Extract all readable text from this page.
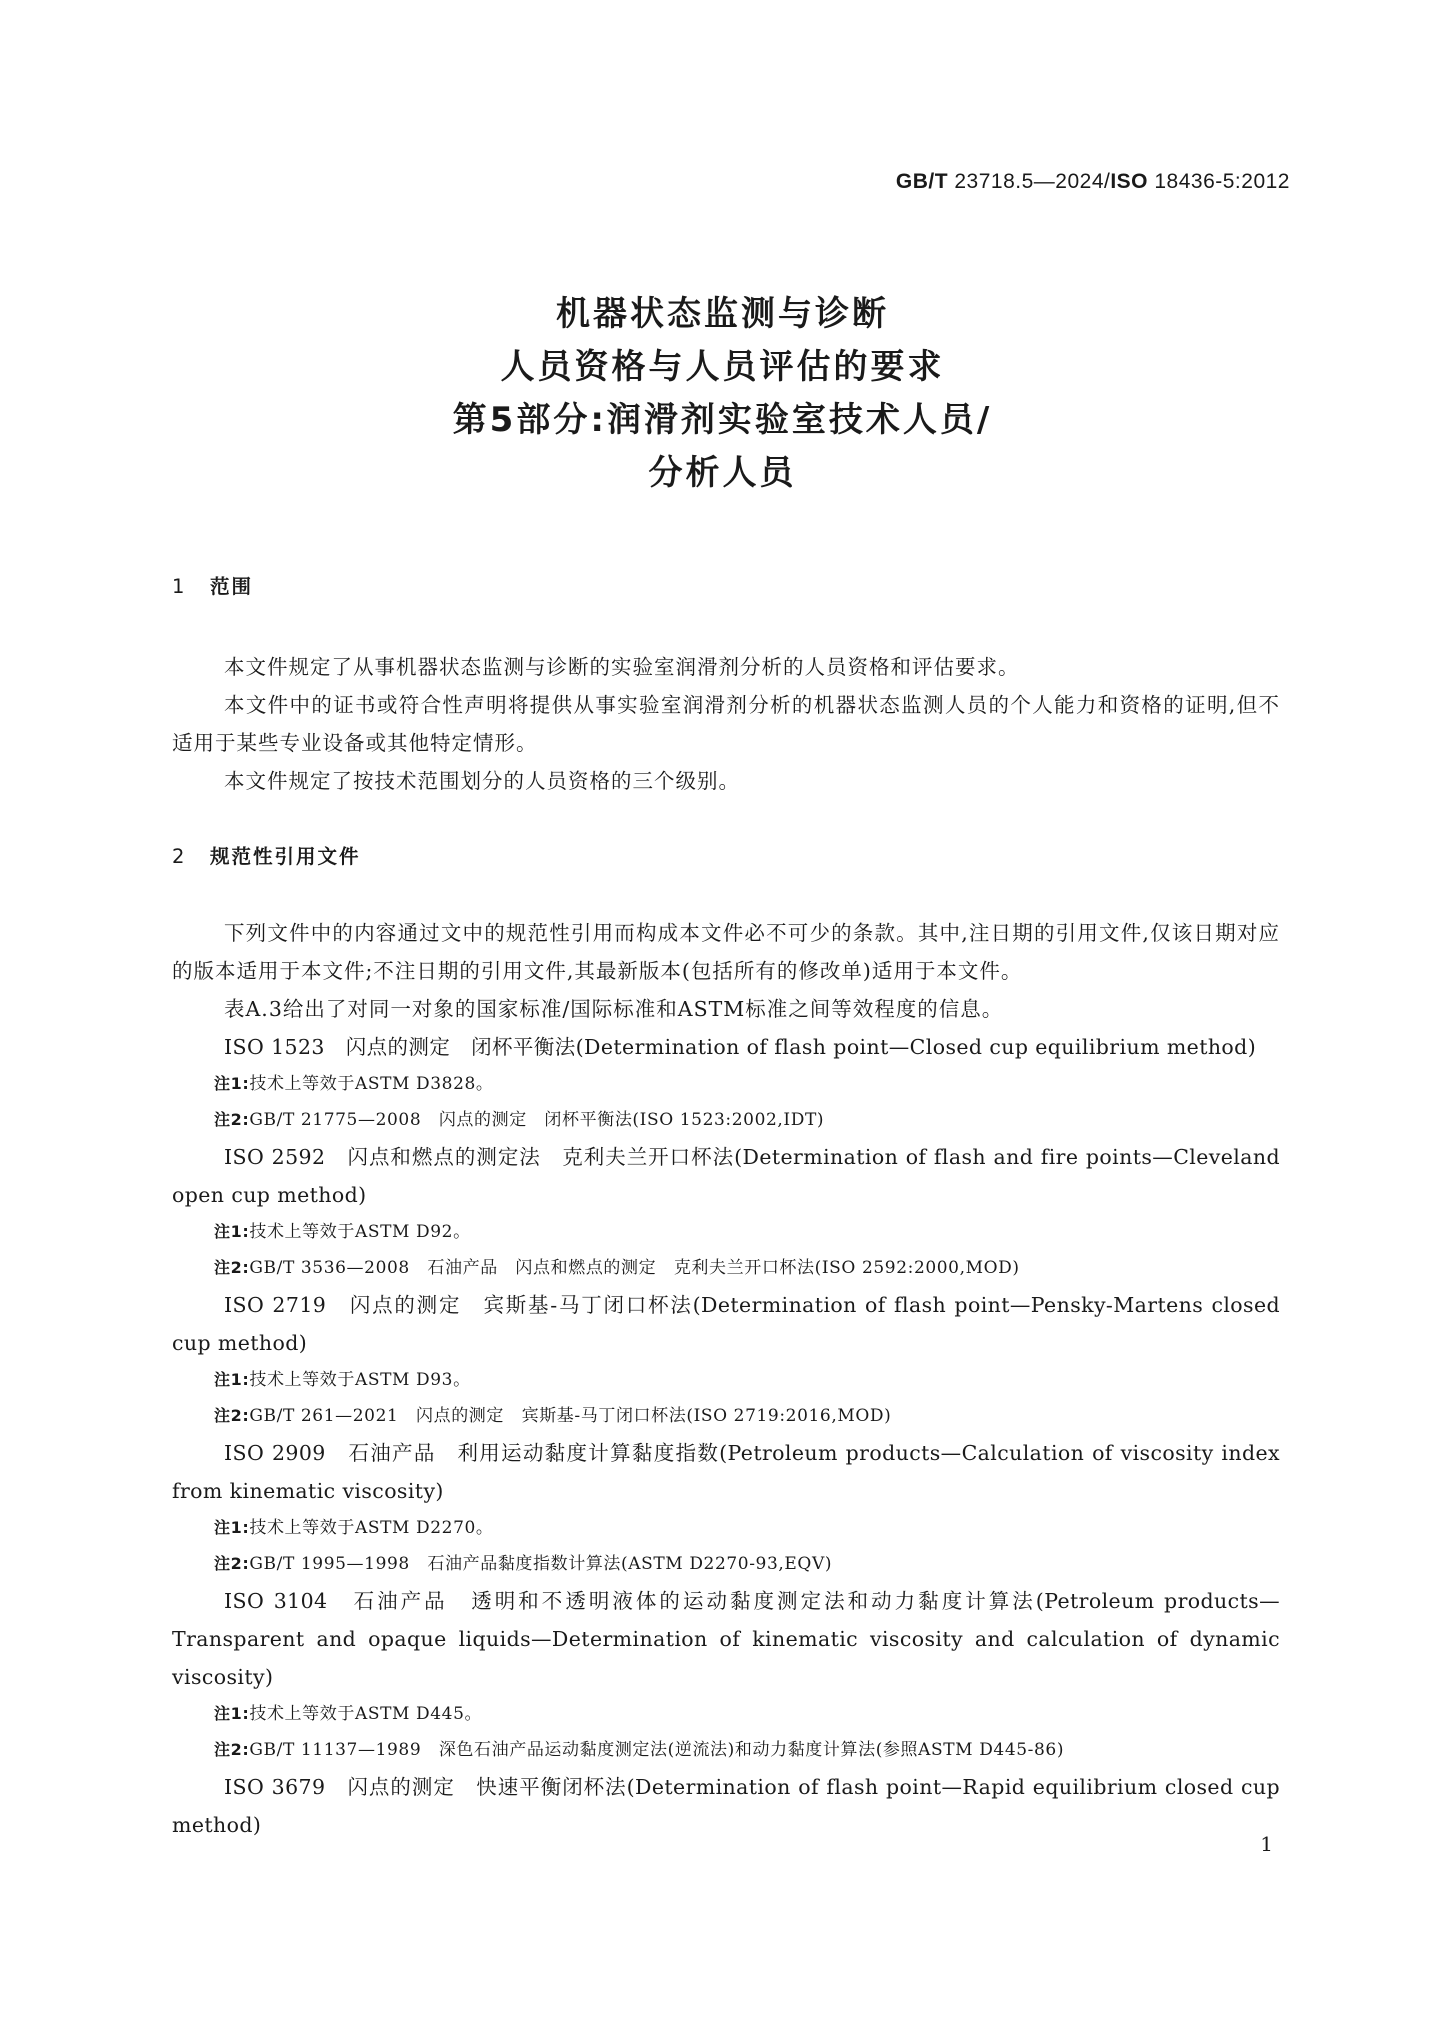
GB/T 23718.5—2024/ISO 18436-5:2012
机器状态监测与诊断
人员资格与人员评估的要求
第5部分:润滑剂实验室技术人员/
分析人员
1 范围

本文件规定了从事机器状态监测与诊断的实验室润滑剂分析的人员资格和评估要求。

本文件中的证书或符合性声明将提供从事实验室润滑剂分析的机器状态监测人员的个人能力和资格的证明,但不适用于某些专业设备或其他特定情形。

本文件规定了按技术范围划分的人员资格的三个级别。

2 规范性引用文件

下列文件中的内容通过文中的规范性引用而构成本文件必不可少的条款。其中,注日期的引用文件,仅该日期对应的版本适用于本文件;不注日期的引用文件,其最新版本(包括所有的修改单)适用于本文件。

表A.3给出了对同一对象的国家标准/国际标准和ASTM标准之间等效程度的信息。

ISO 1523　闪点的测定　闭杯平衡法(Determination of flash point—Closed cup equilibrium method)

注1:技术上等效于ASTM D3828。

注2:GB/T 21775—2008　闪点的测定　闭杯平衡法(ISO 1523:2002,IDT)

ISO 2592　闪点和燃点的测定法　克利夫兰开口杯法(Determination of flash and fire points—Cleveland open cup method)

注1:技术上等效于ASTM D92。

注2:GB/T 3536—2008　石油产品　闪点和燃点的测定　克利夫兰开口杯法(ISO 2592:2000,MOD)

ISO 2719　闪点的测定　宾斯基-马丁闭口杯法(Determination of flash point—Pensky-Martens closed cup method)

注1:技术上等效于ASTM D93。

注2:GB/T 261—2021　闪点的测定　宾斯基-马丁闭口杯法(ISO 2719:2016,MOD)

ISO 2909　石油产品　利用运动黏度计算黏度指数(Petroleum products—Calculation of viscosity index from kinematic viscosity)

注1:技术上等效于ASTM D2270。

注2:GB/T 1995—1998　石油产品黏度指数计算法(ASTM D2270-93,EQV)

ISO 3104　石油产品　透明和不透明液体的运动黏度测定法和动力黏度计算法(Petroleum products—Transparent and opaque liquids—Determination of kinematic viscosity and calculation of dynamic viscosity)

注1:技术上等效于ASTM D445。

注2:GB/T 11137—1989　深色石油产品运动黏度测定法(逆流法)和动力黏度计算法(参照ASTM D445-86)

ISO 3679　闪点的测定　快速平衡闭杯法(Determination of flash point—Rapid equilibrium closed cup method)

1
